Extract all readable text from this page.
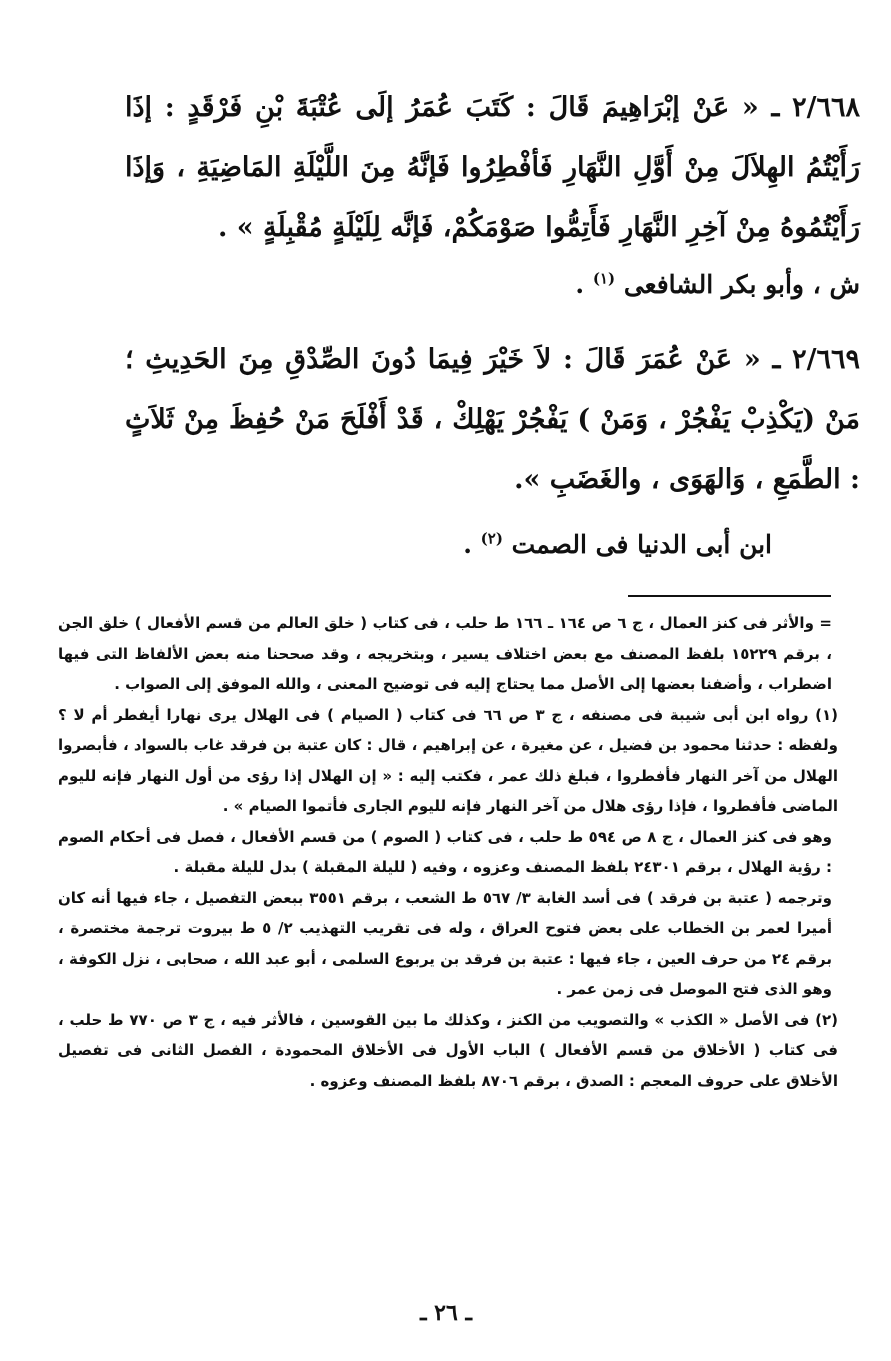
٢/٦٦٨ ـ « عَنْ إبْرَاهِيمَ قَالَ : كَتَبَ عُمَرُ إلَى عُتْبَةَ بْنِ فَرْقَدٍ : إذَا رَأَيْتُمُ الهِلاَلَ مِنْ أَوَّلِ النَّهَارِ فَأفْطِرُوا فَإنَّهُ مِنَ اللَّيْلَةِ المَاضِيَةِ ، وَإذَا رَأَيْتُمُوهُ مِنْ آخِرِ النَّهَارِ فَأَتِمُّوا صَوْمَكُمْ، فَإنَّه لِلَيْلَةٍ مُقْبِلَةٍ » .
ش ، وأبو بكر الشافعى $^{(١)}$ .
٢/٦٦٩ ـ « عَنْ عُمَرَ قَالَ : لاَ خَيْرَ فِيمَا دُونَ الصِّدْقِ مِنَ الحَدِيثِ ؛ مَنْ (يَكْذِبْ يَفْجُرْ ، وَمَنْ ) يَفْجُرْ يَهْلِكْ ، قَدْ أَفْلَحَ مَنْ حُفِظَ مِنْ ثَلاَثٍ : الطَّمَعِ ، وَالهَوَى ، والغَضَبِ ».
ابن أبى الدنيا فى الصمت $^{(٢)}$ .

= والأثر فى كنز العمال ، ج ٦ ص ١٦٤ ـ ١٦٦ ط حلب ، فى كتاب ( خلق العالم من قسم الأفعال ) خلق الجن ، برقم ١٥٢٢٩ بلفظ المصنف مع بعض اختلاف يسير ، وبتخريجه ، وقد صححنا منه بعض الألفاظ التى فيها اضطراب ، وأضفنا بعضها إلى الأصل مما يحتاج إليه فى توضيح المعنى ، والله الموفق إلى الصواب .

(١) رواه ابن أبى شيبة فى مصنفه ، ج ٣ ص ٦٦ فى كتاب ( الصيام ) فى الهلال يرى نهارا أيفطر أم لا ؟ ولفظه : حدثنا محمود بن فضيل ، عن مغيرة ، عن إبراهيم ، قال : كان عتبة بن فرقد غاب بالسواد ، فأبصروا الهلال من آخر النهار فأفطروا ، فبلغ ذلك عمر ، فكتب إليه : « إن الهلال إذا رؤى من أول النهار فإنه لليوم الماضى فأفطروا ، فإذا رؤى هلال من آخر النهار فإنه لليوم الجارى فأتموا الصيام » .

وهو فى كنز العمال ، ج ٨ ص ٥٩٤ ط حلب ، فى كتاب ( الصوم ) من قسم الأفعال ، فصل فى أحكام الصوم : رؤية الهلال ، برقم ٢٤٣٠١ بلفظ المصنف وعزوه ، وفيه ( لليلة المقبلة ) بدل لليلة مقبلة .

وترجمه ( عتبة بن فرقد ) فى أسد الغابة ٣/ ٥٦٧ ط الشعب ، برقم ٣٥٥١ ببعض التفصيل ، جاء فيها أنه كان أميرا لعمر بن الخطاب على بعض فتوح العراق ، وله فى تقريب التهذيب ٢/ ٥ ط بيروت ترجمة مختصرة ، برقم ٢٤ من حرف العين ، جاء فيها : عتبة بن فرقد بن يربوع السلمى ، أبو عبد الله ، صحابى ، نزل الكوفة ، وهو الذى فتح الموصل فى زمن عمر .

(٢) فى الأصل « الكذب » والتصويب من الكنز ، وكذلك ما بين القوسين ، فالأثر فيه ، ج ٣ ص ٧٧٠ ط حلب ، فى كتاب ( الأخلاق من قسم الأفعال ) الباب الأول فى الأخلاق المحمودة ، الفصل الثانى فى تفصيل الأخلاق على حروف المعجم : الصدق ، برقم ٨٧٠٦ بلفظ المصنف وعزوه .

ـ ٢٦ ـ
